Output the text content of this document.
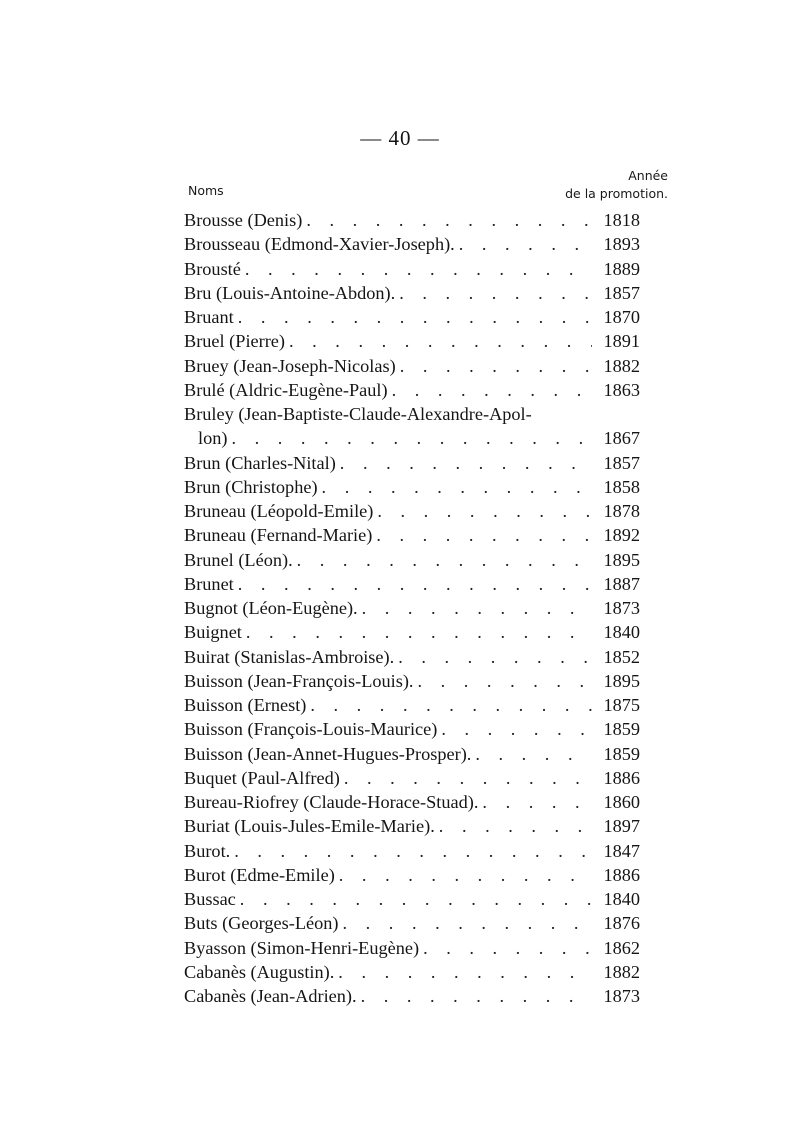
— 40 —
Noms
Année
de la promotion.
Brousse (Denis) . . .	1818
Brousseau (Edmond-Xavier-Joseph). . . .	1893
Brousté . . .	1889
Bru (Louis-Antoine-Abdon). . . .	1857
Bruant . . .	1870
Bruel (Pierre) . . .	1891
Bruey (Jean-Joseph-Nicolas) . . .	1882
Brulé (Aldric-Eugène-Paul) . . .	1863
Bruley (Jean-Baptiste-Claude-Alexandre-Apol-
lon) . . .	1867
Brun (Charles-Nital) . . .	1857
Brun (Christophe) . . .	1858
Bruneau (Léopold-Emile) . . .	1878
Bruneau (Fernand-Marie) . . .	1892
Brunel (Léon). . . .	1895
Brunet . . .	1887
Bugnot (Léon-Eugène). . . .	1873
Buignet . . .	1840
Buirat (Stanislas-Ambroise). . . .	1852
Buisson (Jean-François-Louis). . . .	1895
Buisson (Ernest) . . .	1875
Buisson (François-Louis-Maurice) . . .	1859
Buisson (Jean-Annet-Hugues-Prosper). . . .	1859
Buquet (Paul-Alfred) . . .	1886
Bureau-Riofrey (Claude-Horace-Stuad). . . .	1860
Buriat (Louis-Jules-Emile-Marie). . . .	1897
Burot. . . .	1847
Burot (Edme-Emile) . . .	1886
Bussac . . .	1840
Buts (Georges-Léon) . . .	1876
Byasson (Simon-Henri-Eugène) . . .	1862
Cabanès (Augustin). . . .	1882
Cabanès (Jean-Adrien). . . .	1873
